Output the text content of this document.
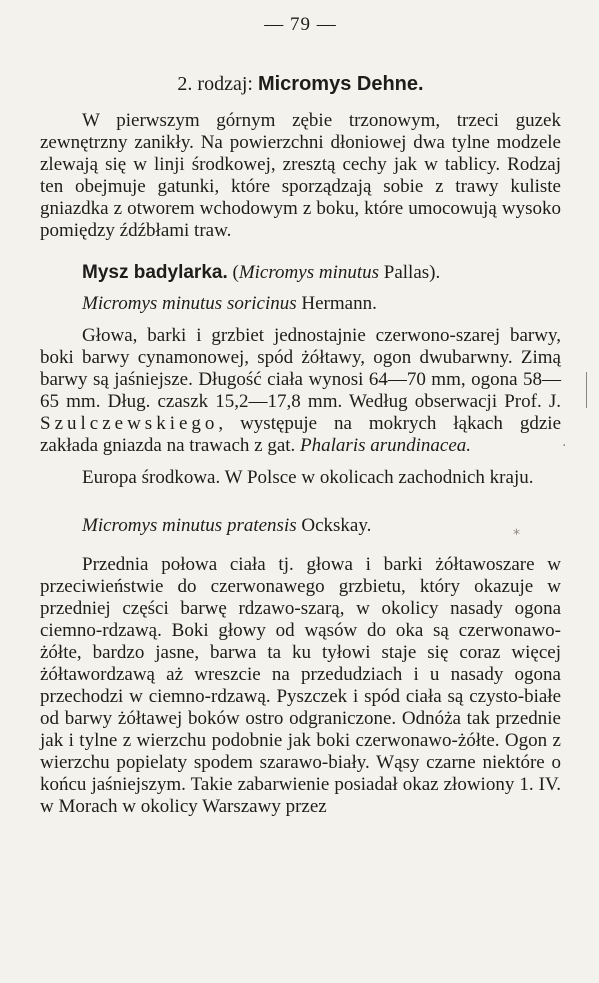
— 79 —
2. rodzaj: Micromys Dehne.

W pierwszym górnym zębie trzonowym, trzeci guzek zewnętrzny zanikły. Na powierzchni dłoniowej dwa tylne modzele zlewają się w linji środkowej, zresztą cechy jak w tablicy. Rodzaj ten obejmuje gatunki, które sporządzają sobie z trawy kuliste gniazdka z otworem wchodowym z boku, które umocowują wysoko pomiędzy źdźbłami traw.

Mysz badylarka. (Micromys minutus Pallas).
Micromys minutus soricinus Hermann.

Głowa, barki i grzbiet jednostajnie czerwono-szarej barwy, boki barwy cynamonowej, spód żółtawy, ogon dwubarwny. Zimą barwy są jaśniejsze. Długość ciała wynosi 64—70 mm, ogona 58—65 mm. Dług. czaszk 15,2—17,8 mm. Według obserwacji Prof. J. Szulczewskiego, występuje na mokrych łąkach gdzie zakłada gniazda na trawach z gat. Phalaris arundinacea.

Europa środkowa. W Polsce w okolicach zachodnich kraju.

Micromys minutus pratensis Ockskay.

Przednia połowa ciała tj. głowa i barki żółtawoszare w przeciwieństwie do czerwonawego grzbietu, który okazuje w przedniej części barwę rdzawo-szarą, w okolicy nasady ogona ciemno-rdzawą. Boki głowy od wąsów do oka są czerwonawo-żółte, bardzo jasne, barwa ta ku tyłowi staje się coraz więcej żółtawordzawą aż wreszcie na przedudziach i u nasady ogona przechodzi w ciemno-rdzawą. Pyszczek i spód ciała są czysto-białe od barwy żółtawej boków ostro odgraniczone. Odnóża tak przednie jak i tylne z wierzchu podobnie jak boki czerwonawo-żółte. Ogon z wierzchu popielaty spodem szarawo-biały. Wąsy czarne niektóre o końcu jaśniejszym. Takie zabarwienie posiadał okaz złowiony 1. IV. w Morach w okolicy Warszawy przez

·
*
